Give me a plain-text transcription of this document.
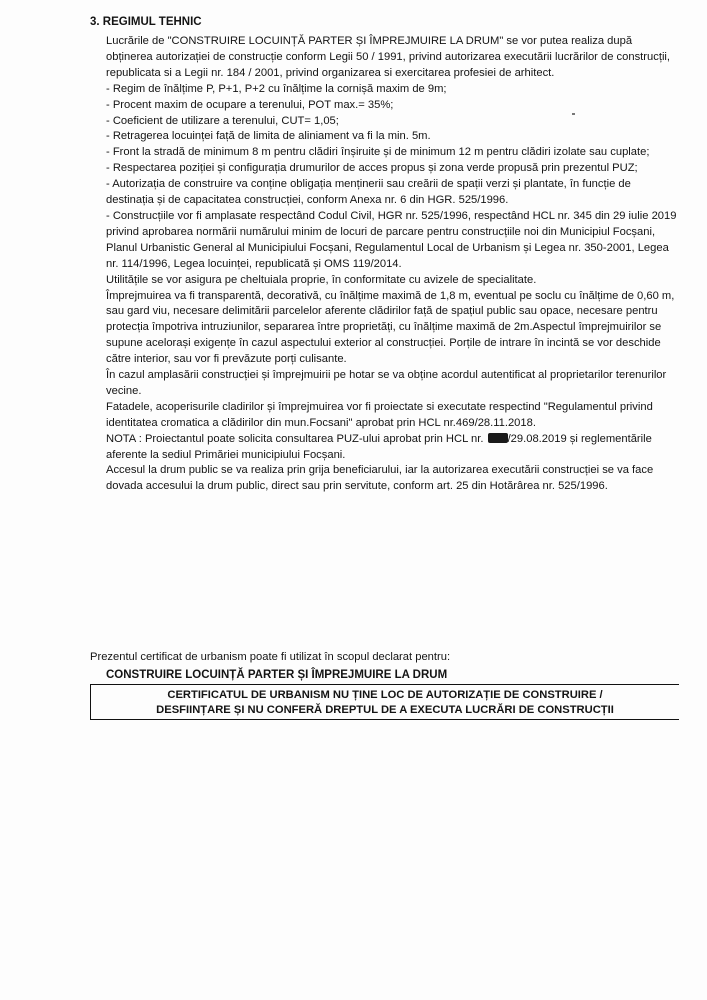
3. REGIMUL TEHNIC

Lucrările de "CONSTRUIRE LOCUINȚĂ PARTER ȘI ÎMPREJMUIRE LA DRUM" se vor putea realiza după obținerea autorizației de construcție conform Legii 50 / 1991, privind autorizarea executării lucrărilor de construcții, republicata si a Legii nr. 184 / 2001, privind organizarea si exercitarea profesiei de arhitect.

- Regim de înălțime P, P+1, P+2 cu înălțime la cornișă maxim de 9m;

- Procent maxim de ocupare a terenului, POT max.= 35%;

- Coeficient de utilizare a terenului, CUT= 1,05;

- Retragerea locuinței față de limita de aliniament va fi la min. 5m.

- Front la stradă de minimum 8 m pentru clădiri înșiruite și de minimum 12 m pentru clădiri izolate sau cuplate;

- Respectarea poziției și configurația drumurilor de acces propus și zona verde propusă prin prezentul PUZ;

- Autorizația de construire va conține obligația menținerii sau creării de spații verzi și plantate, în funcție de destinația și de capacitatea construcției, conform Anexa nr. 6 din HGR. 525/1996.

- Construcțiile vor fi amplasate respectând Codul Civil, HGR nr. 525/1996, respectând HCL nr. 345 din 29 iulie 2019 privind aprobarea normării numărului minim de locuri de parcare pentru construcțiile noi din Municipiul Focșani, Planul Urbanistic General al Municipiului Focșani, Regulamentul Local de Urbanism și Legea nr. 350-2001, Legea nr. 114/1996, Legea locuinței, republicată și OMS 119/2014.

Utilitățile se vor asigura pe cheltuiala proprie, în conformitate cu avizele de specialitate.

Împrejmuirea va fi transparentă, decorativă, cu înălțime maximă de 1,8 m, eventual pe soclu cu înălțime de 0,60 m, sau gard viu, necesare delimitării parcelelor aferente clădirilor față de spațiul public sau opace, necesare pentru protecția împotriva intruziunilor, separarea între proprietăți, cu înălțime maximă de 2m.Aspectul împrejmuirilor se supune acelorași exigențe în cazul aspectului exterior al construcției. Porțile de intrare în incintă se vor deschide către interior, sau vor fi prevăzute porți culisante.

În cazul amplasării construcției și împrejmuirii pe hotar se va obține acordul autentificat al proprietarilor terenurilor vecine.

Fatadele, acoperisurile cladirilor și împrejmuirea vor fi proiectate si executate respectind "Regulamentul privind identitatea cromatica a clădirilor din mun.Focsani" aprobat prin HCL nr.469/28.11.2018.

NOTA : Proiectantul poate solicita consultarea PUZ-ului aprobat prin HCL nr. /29.08.2019 și reglementările aferente la sediul Primăriei municipiului Focșani.

Accesul la drum public se va realiza prin grija beneficiarului, iar la autorizarea executării construcției se va face dovada accesului la drum public, direct sau prin servitute, conform art. 25 din Hotărârea nr. 525/1996.

Prezentul certificat de urbanism poate fi utilizat în scopul declarat pentru:

CONSTRUIRE LOCUINȚĂ PARTER ȘI ÎMPREJMUIRE LA DRUM

CERTIFICATUL DE URBANISM NU ȚINE LOC DE AUTORIZAȚIE DE CONSTRUIRE /
DESFIINȚARE ȘI NU CONFERĂ DREPTUL DE A EXECUTA LUCRĂRI DE CONSTRUCȚII
